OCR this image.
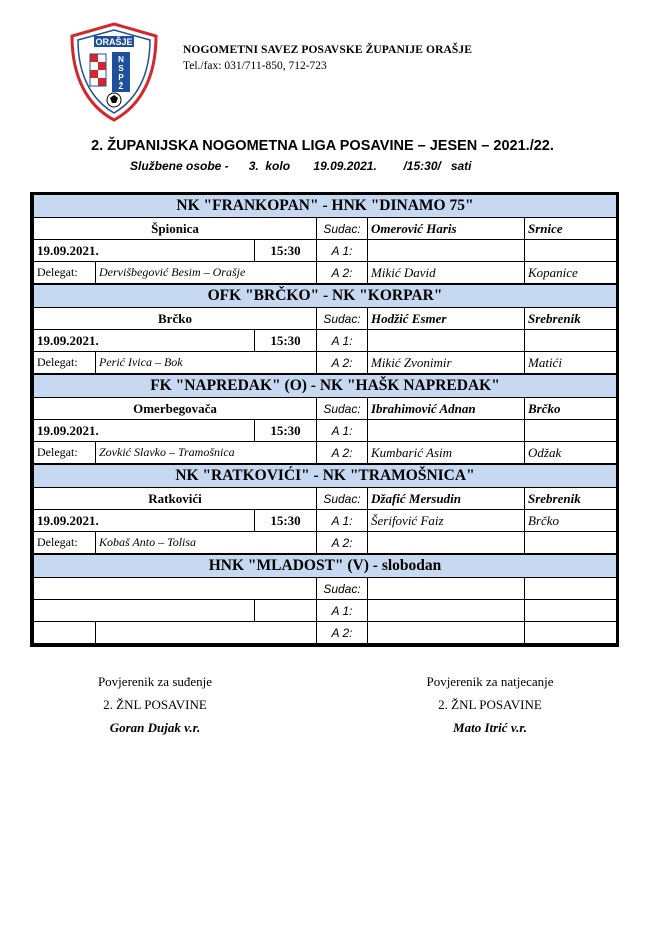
ORAŠJE
N
S
P
Ž
NOGOMETNI SAVEZ POSAVSKE ŽUPANIJE ORAŠJE
Tel./fax: 031/711-850, 712-723
2. ŽUPANIJSKA NOGOMETNA LIGA POSAVINE – JESEN – 2021./22.
Službene osobe - 3.  kolo 19.09.2021. /15:30/   sati
NK "FRANKOPAN" - HNK "DINAMO 75"					
Špionica			Sudac:	Omerović Haris	Srnice
19.09.2021.		15:30	A 1:		
Delegat:	Dervišbegović Besim – Orašje		A 2:	Mikić David	Kopanice
OFK "BRČKO" - NK "KORPAR"					
Brčko			Sudac:	Hodžić Esmer	Srebrenik
19.09.2021.		15:30	A 1:		
Delegat:	Perić Ivica – Bok		A 2:	Mikić Zvonimir	Matići
FK "NAPREDAK" (O) - NK "HAŠK NAPREDAK"					
Omerbegovača			Sudac:	Ibrahimović Adnan	Brčko
19.09.2021.		15:30	A 1:		
Delegat:	Zovkić Slavko – Tramošnica		A 2:	Kumbarić Asim	Odžak
NK "RATKOVIĆI" - NK "TRAMOŠNICA"					
Ratkovići			Sudac:	Džafić Mersudin	Srebrenik
19.09.2021.		15:30	A 1:	Šerifović Faiz	Brčko
Delegat:	Kobaš Anto – Tolisa		A 2:		
HNK "MLADOST" (V) - slobodan					
			Sudac:		
			A 1:		
			A 2:		
Povjerenik za suđenje
2. ŽNL POSAVINE
Goran Dujak v.r.
Povjerenik za natjecanje
2. ŽNL POSAVINE
Mato Itrić v.r.
